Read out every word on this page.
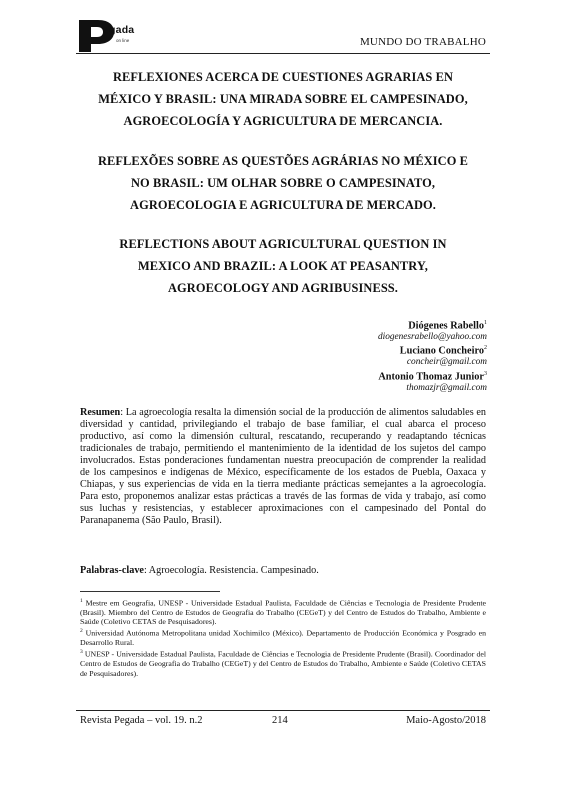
egada
on line	MUNDO DO TRABALHO
REFLEXIONES ACERCA DE CUESTIONES AGRARIAS EN
MÉXICO Y BRASIL: UNA MIRADA SOBRE EL CAMPESINADO,
AGROECOLOGÍA Y AGRICULTURA DE MERCANCIA.
REFLEXÕES SOBRE AS QUESTÕES AGRÁRIAS NO MÉXICO E
NO BRASIL: UM OLHAR SOBRE O CAMPESINATO,
AGROECOLOGIA E AGRICULTURA DE MERCADO.
REFLECTIONS ABOUT AGRICULTURAL QUESTION IN
MEXICO AND BRAZIL: A LOOK AT PEASANTRY,
AGROECOLOGY AND AGRIBUSINESS.
Diógenes Rabello$^1$
diogenesrabello@yahoo.com
Luciano Concheiro$^2$
concheir@gmail.com
Antonio Thomaz Junior$^3$
thomazjr@gmail.com
Resumen: La agroecología resalta la dimensión social de la producción de alimentos saludables en diversidad y cantidad, privilegiando el trabajo de base familiar, el cual abarca el proceso productivo, así como la dimensión cultural, rescatando, recuperando y readaptando técnicas tradicionales de trabajo, permitiendo el mantenimiento de la identidad de los sujetos del campo involucrados. Estas ponderaciones fundamentan nuestra preocupación de comprender la realidad de los campesinos e indígenas de México, específicamente de los estados de Puebla, Oaxaca y Chiapas, y sus experiencias de vida en la tierra mediante prácticas semejantes a la agroecología. Para esto, proponemos analizar estas prácticas a través de las formas de vida y trabajo, así como sus luchas y resistencias, y establecer aproximaciones con el campesinado del Pontal do Paranapanema (São Paulo, Brasil).
Palabras-clave: Agroecología. Resistencia. Campesinado.

$^1$ Mestre em Geografia, UNESP - Universidade Estadual Paulista, Faculdade de Ciências e Tecnologia de Presidente Prudente (Brasil). Miembro del Centro de Estudos de Geografia do Trabalho (CEGeT) y del Centro de Estudos do Trabalho, Ambiente e Saúde (Coletivo CETAS de Pesquisadores).

$^2$ Universidad Autónoma Metropolitana unidad Xochimilco (México). Departamento de Producción Económica y Posgrado en Desarrollo Rural.

$^3$ UNESP - Universidade Estadual Paulista, Faculdade de Ciências e Tecnologia de Presidente Prudente (Brasil). Coordinador del Centro de Estudos de Geografia do Trabalho (CEGeT) y del Centro de Estudos do Trabalho, Ambiente e Saúde (Coletivo CETAS de Pesquisadores).

Revista Pegada – vol. 19. n.2	214	Maio-Agosto/2018
